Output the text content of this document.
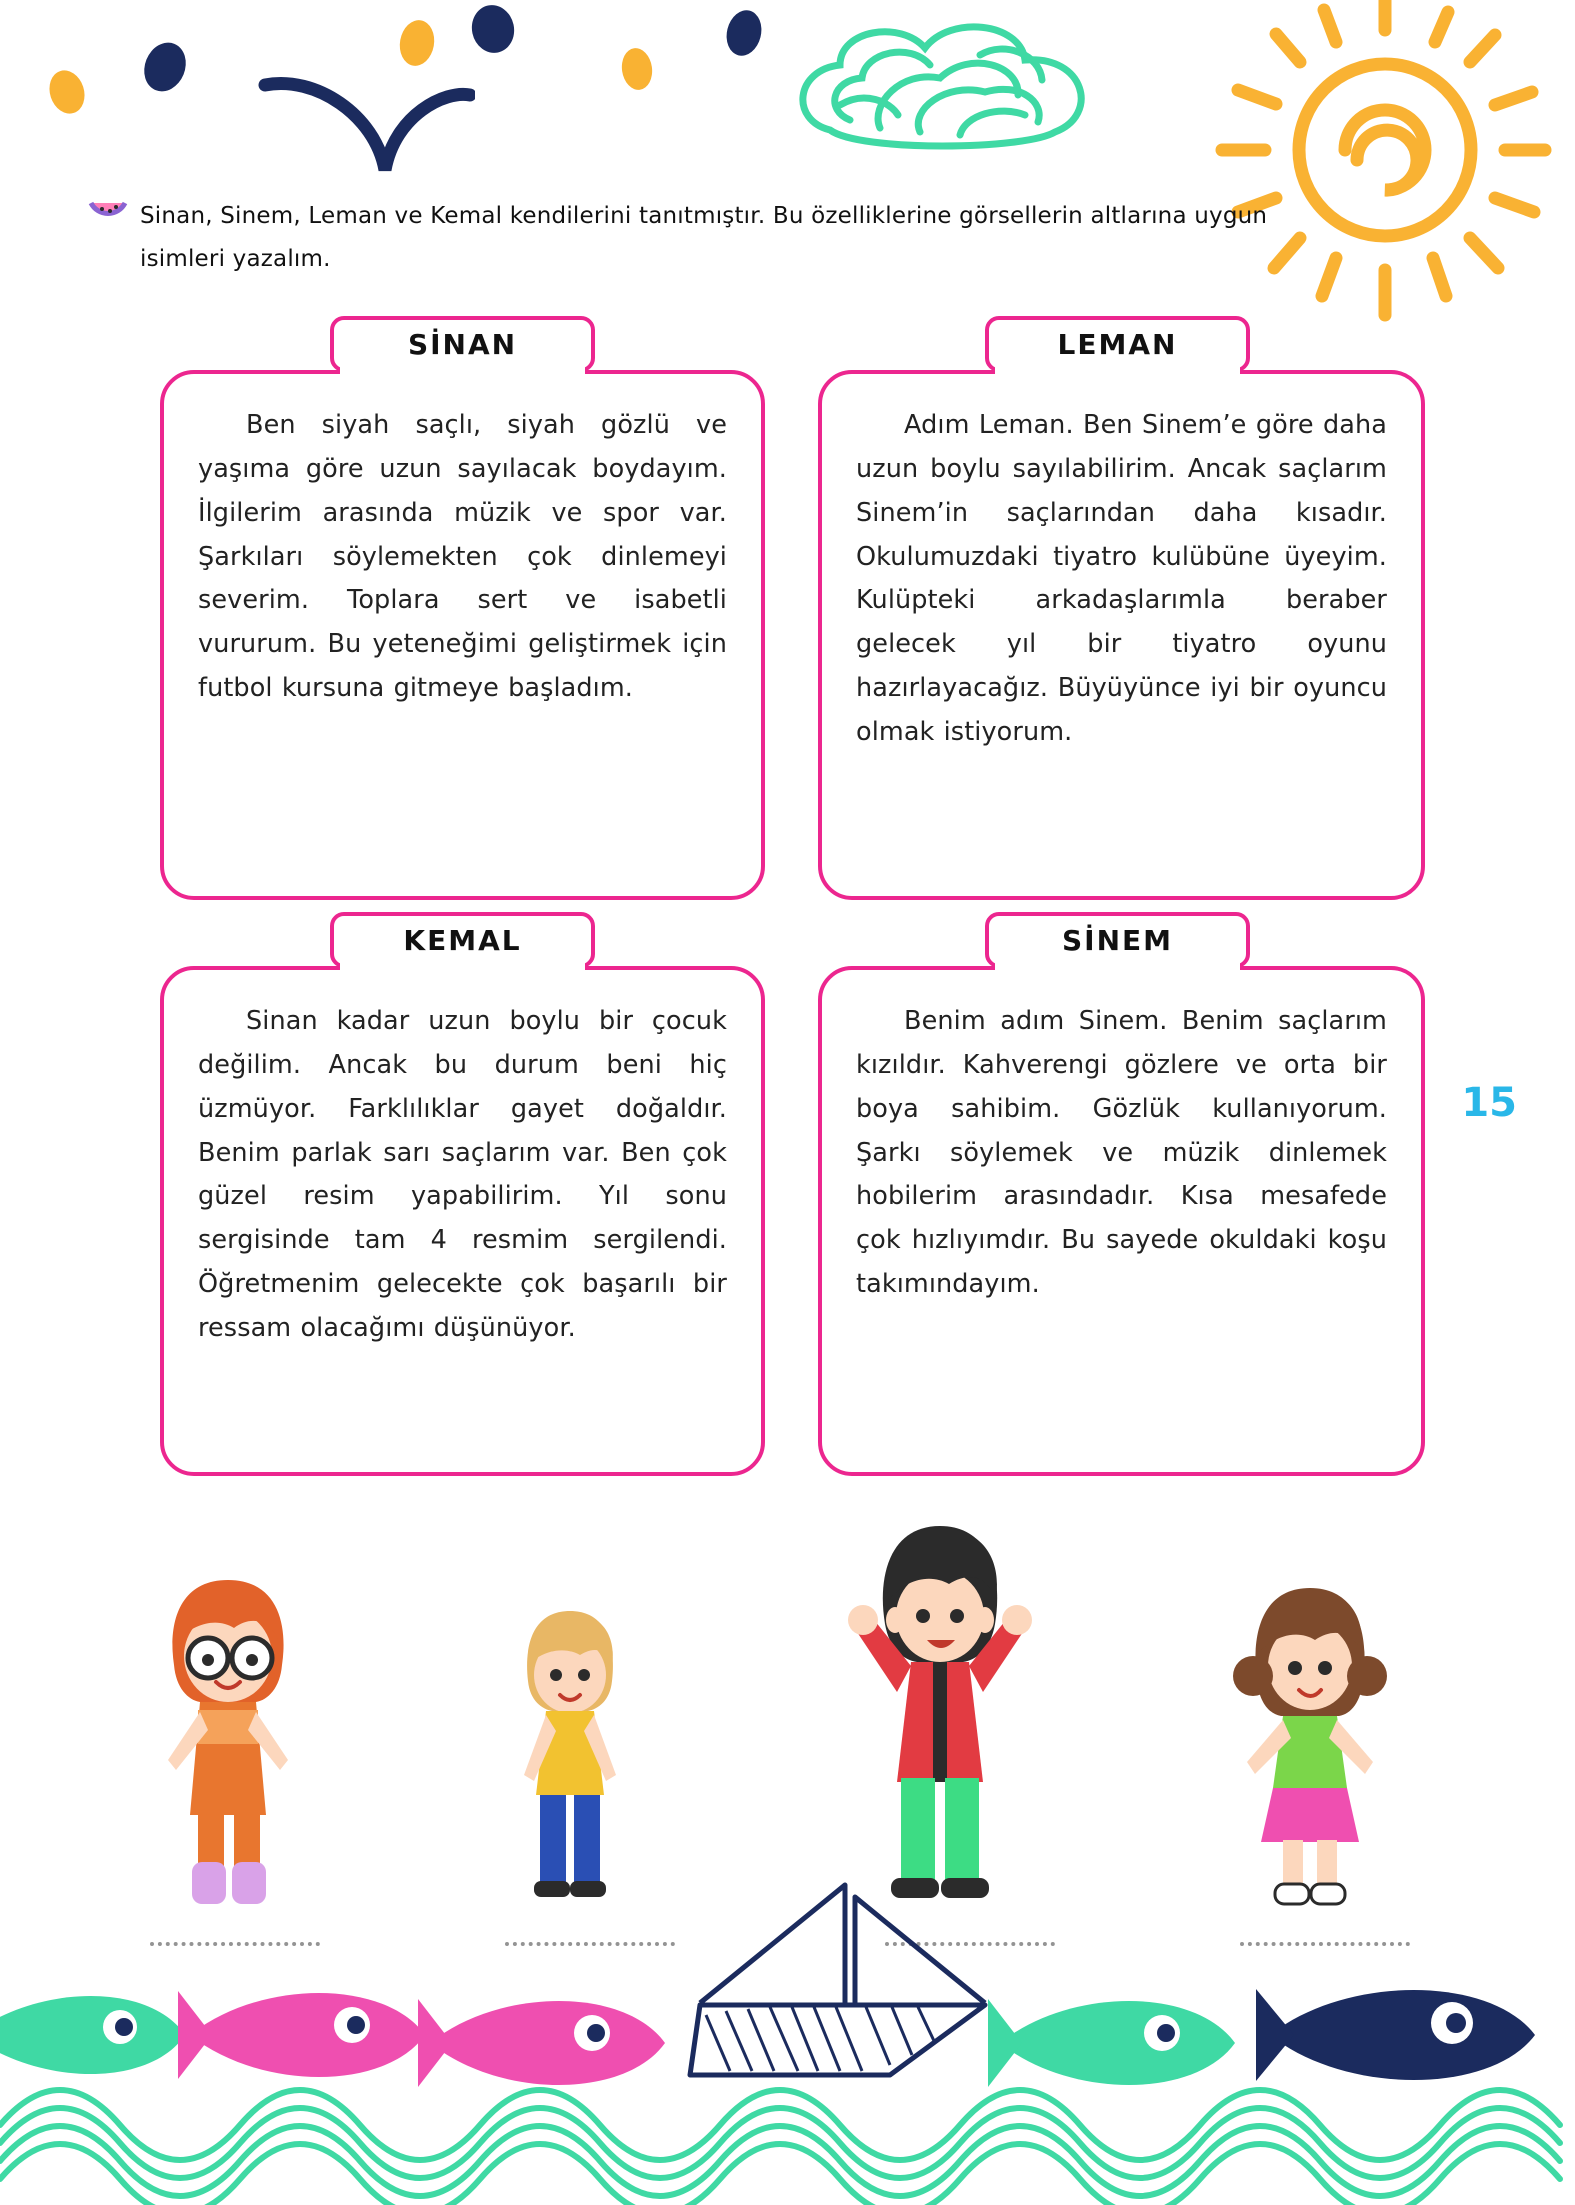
Sinan, Sinem, Leman ve Kemal kendilerini tanıtmıştır. Bu özelliklerine görsellerin altlarına uygun isimleri yazalım.
SİNAN
Ben siyah saçlı, siyah gözlü ve yaşıma göre uzun sayılacak boydayım. İlgilerim arasında müzik ve spor var. Şarkıları söylemekten çok dinlemeyi severim. Toplara sert ve isabetli vururum. Bu yeteneğimi geliştirmek için futbol kursuna gitmeye başladım.
LEMAN
Adım Leman. Ben Sinem’e göre daha uzun boylu sayılabilirim. Ancak saçlarım Sinem’in saçlarından daha kısadır. Okulumuzdaki tiyatro kulübüne üyeyim. Kulüpteki arkadaşlarımla beraber gelecek yıl bir tiyatro oyunu hazırlayacağız. Büyüyünce iyi bir oyuncu olmak istiyorum.
KEMAL
Sinan kadar uzun boylu bir çocuk değilim. Ancak bu durum beni hiç üzmüyor. Farklılıklar gayet doğaldır. Benim parlak sarı saçlarım var. Ben çok güzel resim yapabilirim. Yıl sonu sergisinde tam 4 resmim sergilendi. Öğretmenim gelecekte çok başarılı bir ressam olacağımı düşünüyor.
SİNEM
Benim adım Sinem. Benim saçlarım kızıldır. Kahverengi gözlere ve orta bir boya sahibim. Gözlük kullanıyorum. Şarkı söylemek ve müzik dinlemek hobilerim arasındadır. Kısa mesafede çok hızlıyımdır. Bu sayede okuldaki koşu takımındayım.
15
